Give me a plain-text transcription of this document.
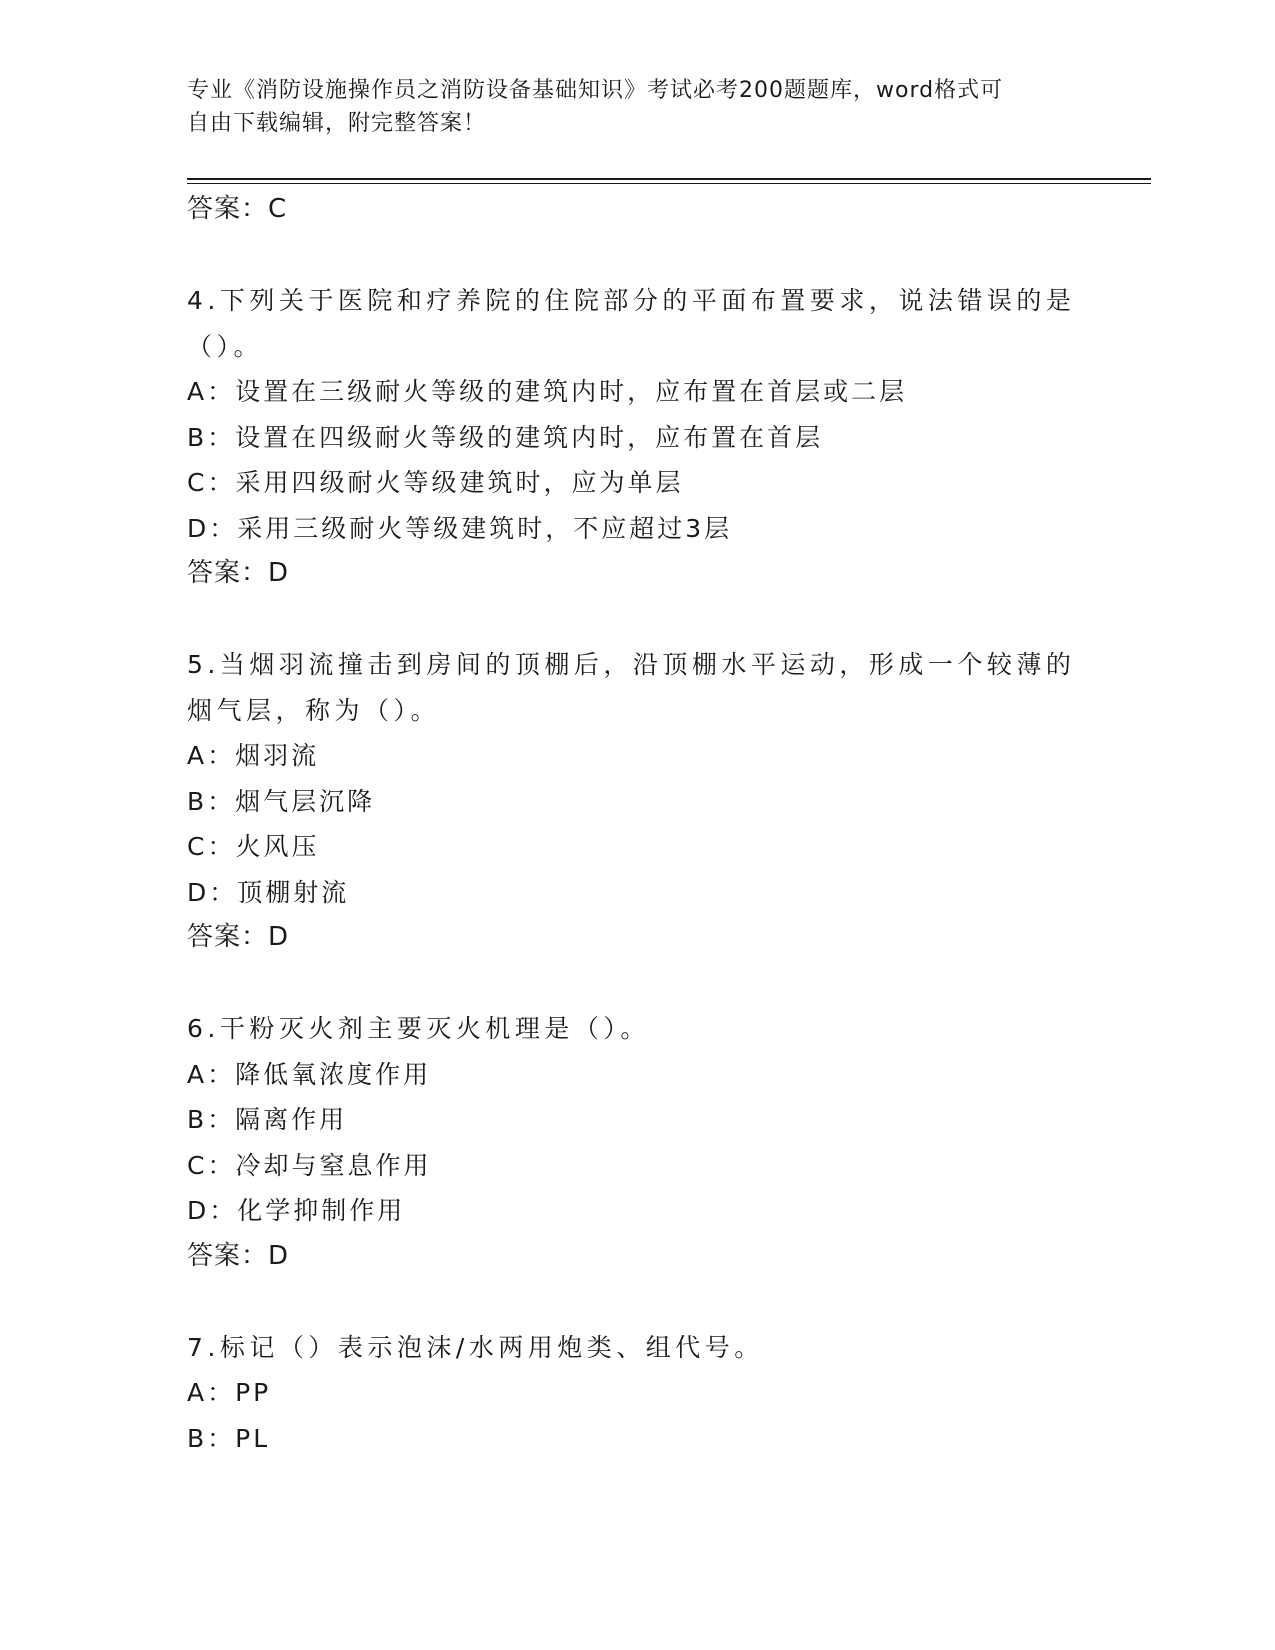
专业《消防设施操作员之消防设备基础知识》考试必考200题题库，word格式可
自由下载编辑，附完整答案！
答案：C
4.下列关于医院和疗养院的住院部分的平面布置要求，说法错误的是
（）。
A：设置在三级耐火等级的建筑内时，应布置在首层或二层
B：设置在四级耐火等级的建筑内时，应布置在首层
C：采用四级耐火等级建筑时，应为单层
D：采用三级耐火等级建筑时，不应超过3层
答案：D
5.当烟羽流撞击到房间的顶棚后，沿顶棚水平运动，形成一个较薄的
烟气层，称为（）。
A：烟羽流
B：烟气层沉降
C：火风压
D：顶棚射流
答案：D
6.干粉灭火剂主要灭火机理是（）。
A：降低氧浓度作用
B：隔离作用
C：冷却与窒息作用
D：化学抑制作用
答案：D
7.标记（）表示泡沫/水两用炮类、组代号。
A：PP
B：PL
